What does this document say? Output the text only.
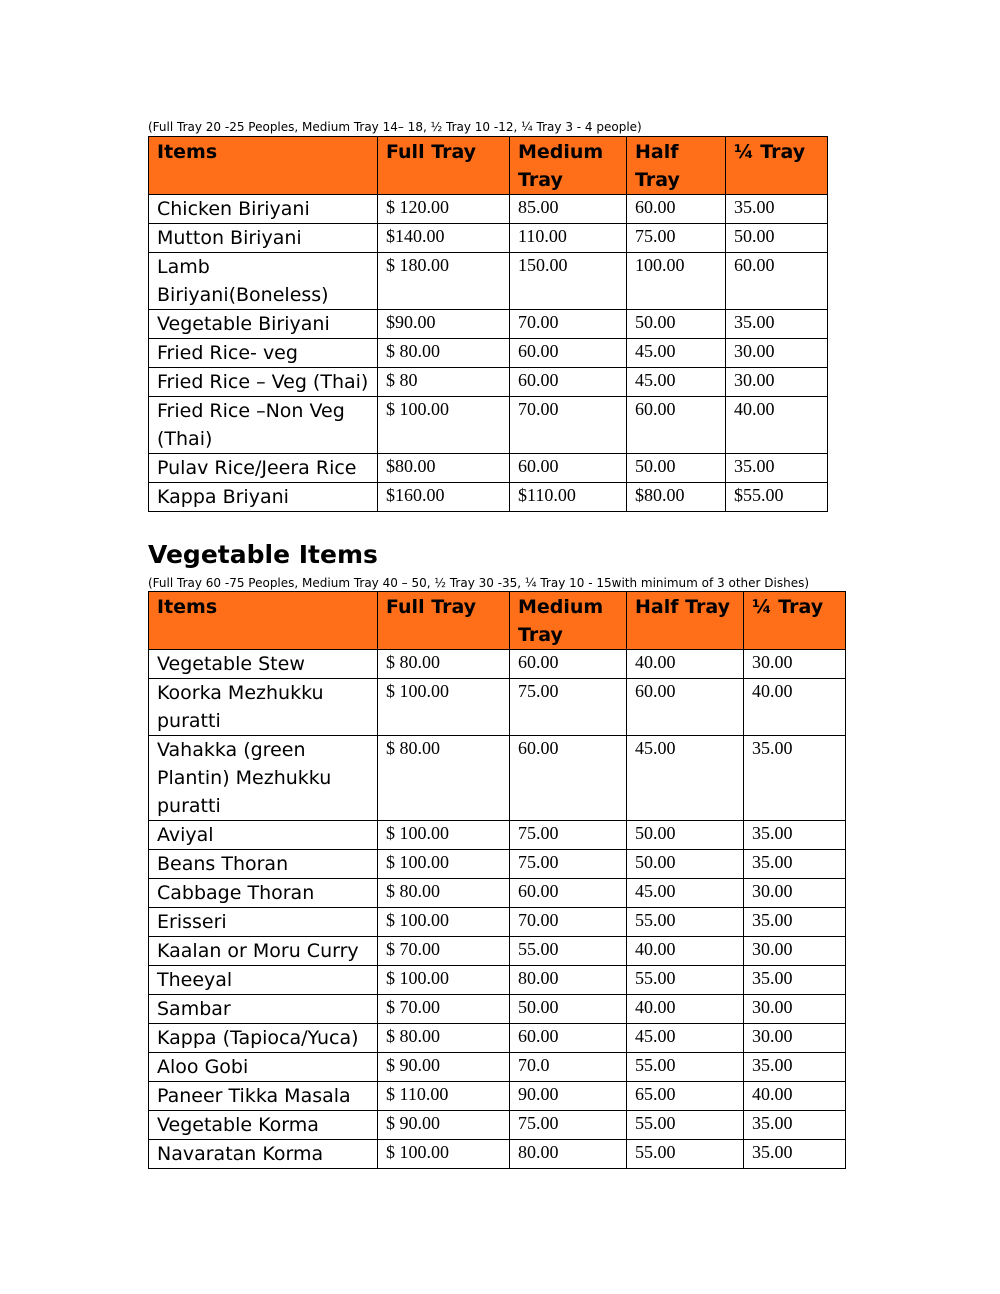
(Full Tray 20 -25 Peoples, Medium Tray 14– 18, ½ Tray 10 -12, ¼ Tray 3 - 4 people)
Items	Full Tray	Medium Tray	Half Tray	¼ Tray
Chicken Biriyani	$ 120.00	85.00	60.00	35.00
Mutton Biriyani	$140.00	110.00	75.00	50.00
Lamb Biriyani(Boneless)	$ 180.00	150.00	100.00	60.00
Vegetable Biriyani	$90.00	70.00	50.00	35.00
Fried Rice- veg	$ 80.00	60.00	45.00	30.00
Fried Rice – Veg (Thai)	$ 80	60.00	45.00	30.00
Fried Rice –Non Veg (Thai)	$ 100.00	70.00	60.00	40.00
Pulav Rice/Jeera Rice	$80.00	60.00	50.00	35.00
Kappa Briyani	$160.00	$110.00	$80.00	$55.00
Vegetable Items
(Full Tray 60 -75 Peoples, Medium Tray 40 – 50, ½ Tray 30 -35, ¼ Tray 10 - 15with minimum of 3 other Dishes)
Items	Full Tray	Medium Tray	Half Tray	¼ Tray
Vegetable Stew	$ 80.00	60.00	40.00	30.00
Koorka Mezhukku puratti	$ 100.00	75.00	60.00	40.00
Vahakka (green Plantin) Mezhukku puratti	$ 80.00	60.00	45.00	35.00
Aviyal	$ 100.00	75.00	50.00	35.00
Beans Thoran	$ 100.00	75.00	50.00	35.00
Cabbage Thoran	$ 80.00	60.00	45.00	30.00
Erisseri	$ 100.00	70.00	55.00	35.00
Kaalan or Moru Curry	$ 70.00	55.00	40.00	30.00
Theeyal	$ 100.00	80.00	55.00	35.00
Sambar	$ 70.00	50.00	40.00	30.00
Kappa (Tapioca/Yuca)	$ 80.00	60.00	45.00	30.00
Aloo Gobi	$ 90.00	70.0	55.00	35.00
Paneer Tikka Masala	$ 110.00	90.00	65.00	40.00
Vegetable Korma	$ 90.00	75.00	55.00	35.00
Navaratan Korma	$ 100.00	80.00	55.00	35.00
